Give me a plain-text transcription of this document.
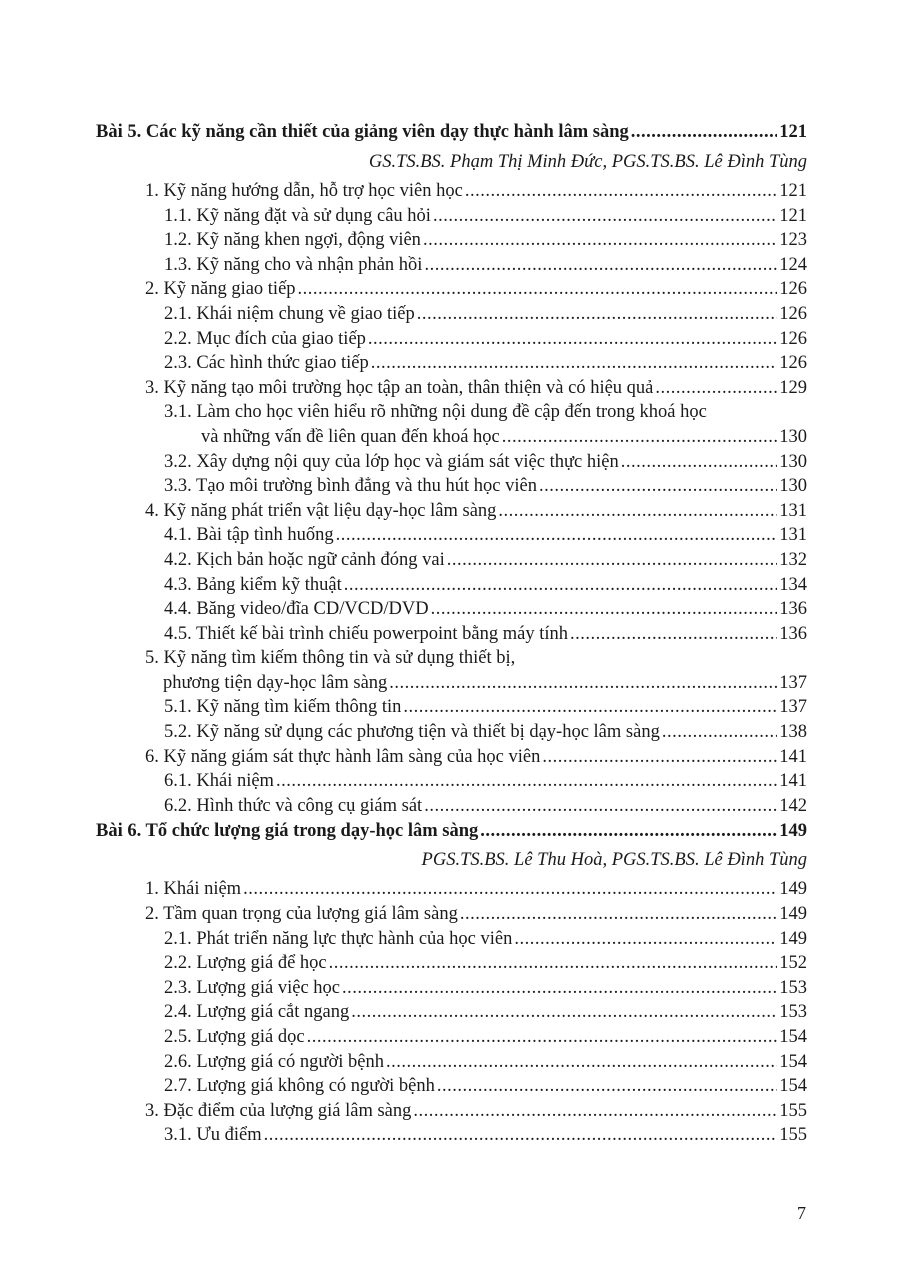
Bài 5. Các kỹ năng cần thiết của giảng viên dạy thực hành lâm sàng .....	121
GS.TS.BS. Phạm Thị Minh Đức, PGS.TS.BS. Lê Đình Tùng
1. Kỹ năng hướng dẫn, hỗ trợ học viên học .....	121
1.1. Kỹ năng đặt và sử dụng câu hỏi .....	121
1.2. Kỹ năng khen ngợi, động viên .....	123
1.3. Kỹ năng cho và nhận phản hồi .....	124
2. Kỹ năng giao tiếp .....	126
2.1. Khái niệm chung về giao tiếp .....	126
2.2. Mục đích của giao tiếp .....	126
2.3. Các hình thức giao tiếp .....	126
3. Kỹ năng tạo môi trường học tập an toàn, thân thiện và có hiệu quả .....	129
3.1. Làm cho học viên hiểu rõ những nội dung đề cập đến trong khoá học
và những vấn đề liên quan đến khoá học .....	130
3.2. Xây dựng nội quy của lớp học và giám sát việc thực hiện .....	130
3.3. Tạo môi trường bình đẳng và thu hút học viên .....	130
4. Kỹ năng phát triển vật liệu dạy-học lâm sàng .....	131
4.1. Bài tập tình huống .....	131
4.2. Kịch bản hoặc ngữ cảnh đóng vai .....	132
4.3. Bảng kiểm kỹ thuật .....	134
4.4. Băng video/đĩa CD/VCD/DVD .....	136
4.5. Thiết kế bài trình chiếu powerpoint bằng máy tính .....	136
5. Kỹ năng tìm kiếm thông tin và sử dụng thiết bị,
phương tiện dạy-học lâm sàng .....	137
5.1. Kỹ năng tìm kiếm thông tin .....	137
5.2. Kỹ năng sử dụng các phương tiện và thiết bị dạy-học lâm sàng .....	138
6. Kỹ năng giám sát thực hành lâm sàng của học viên .....	141
6.1. Khái niệm .....	141
6.2. Hình thức và công cụ giám sát .....	142
Bài 6. Tổ chức lượng giá trong dạy-học lâm sàng .....	149
PGS.TS.BS. Lê Thu Hoà, PGS.TS.BS. Lê Đình Tùng
1. Khái niệm .....	149
2. Tầm quan trọng của lượng giá lâm sàng .....	149
2.1. Phát triển năng lực thực hành của học viên .....	149
2.2. Lượng giá để học .....	152
2.3. Lượng giá việc học .....	153
2.4. Lượng giá cắt ngang .....	153
2.5. Lượng giá dọc .....	154
2.6. Lượng giá có người bệnh .....	154
2.7. Lượng giá không có người bệnh .....	154
3. Đặc điểm của lượng giá lâm sàng .....	155
3.1. Ưu điểm .....	155
7
